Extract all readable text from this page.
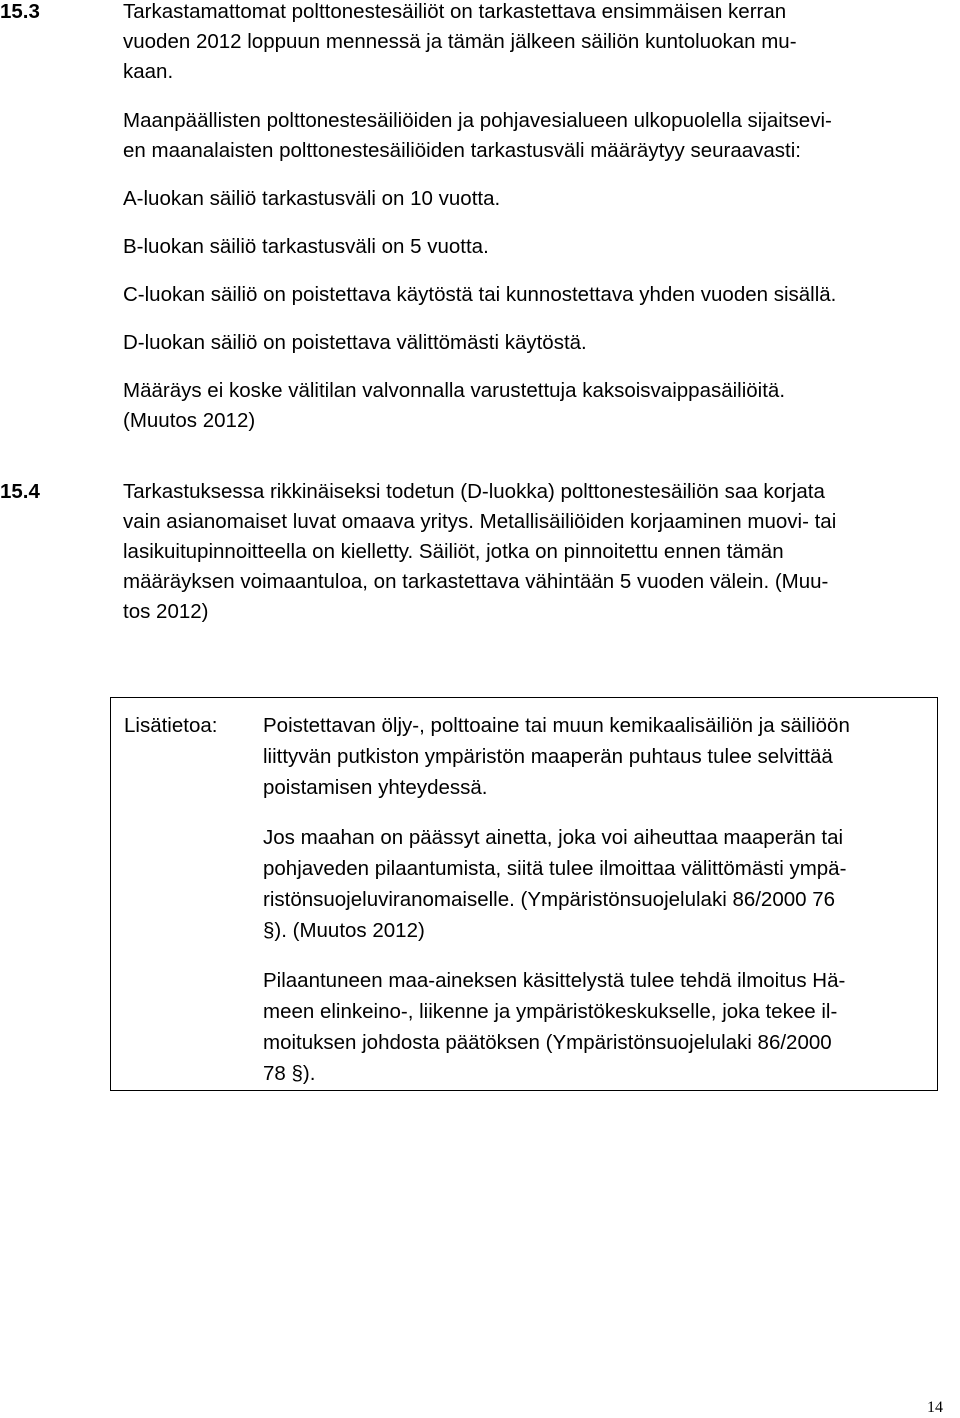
15.3	Tarkastamattomat polttonestesäiliöt on tarkastettava ensimmäisen kerran
vuoden 2012 loppuun mennessä ja tämän jälkeen säiliön kuntoluokan mu-
kaan.

Maanpäällisten polttonestesäiliöiden ja pohjavesialueen ulkopuolella sijaitsevi-
en maanalaisten polttonestesäiliöiden tarkastusväli määräytyy seuraavasti:

A-luokan säiliö tarkastusväli on 10 vuotta.

B-luokan säiliö tarkastusväli on 5 vuotta.

C-luokan säiliö on poistettava käytöstä tai kunnostettava yhden vuoden sisällä.

D-luokan säiliö on poistettava välittömästi käytöstä.

Määräys ei koske välitilan valvonnalla varustettuja kaksoisvaippasäiliöitä.
(Muutos 2012)

15.4	Tarkastuksessa rikkinäiseksi todetun (D-luokka) polttonestesäiliön saa korjata
vain asianomaiset luvat omaava yritys. Metallisäiliöiden korjaaminen muovi- tai
lasikuitupinnoitteella on kielletty. Säiliöt, jotka on pinnoitettu ennen tämän
määräyksen voimaantuloa, on tarkastettava vähintään 5 vuoden välein. (Muu-
tos 2012)

Lisätietoa: Poistettavan öljy-, polttoaine tai muun kemikaalisäiliön ja säiliöön
liittyvän putkiston ympäristön maaperän puhtaus tulee selvittää
poistamisen yhteydessä.

Jos maahan on päässyt ainetta, joka voi aiheuttaa maaperän tai
pohjaveden pilaantumista, siitä tulee ilmoittaa välittömästi ympä-
ristönsuojeluviranomaiselle. (Ympäristönsuojelulaki 86/2000 76
§). (Muutos 2012)

Pilaantuneen maa-aineksen käsittelystä tulee tehdä ilmoitus Hä-
meen elinkeino-, liikenne ja ympäristökeskukselle, joka tekee il-
moituksen johdosta päätöksen (Ympäristönsuojelulaki 86/2000
78 §).

14
